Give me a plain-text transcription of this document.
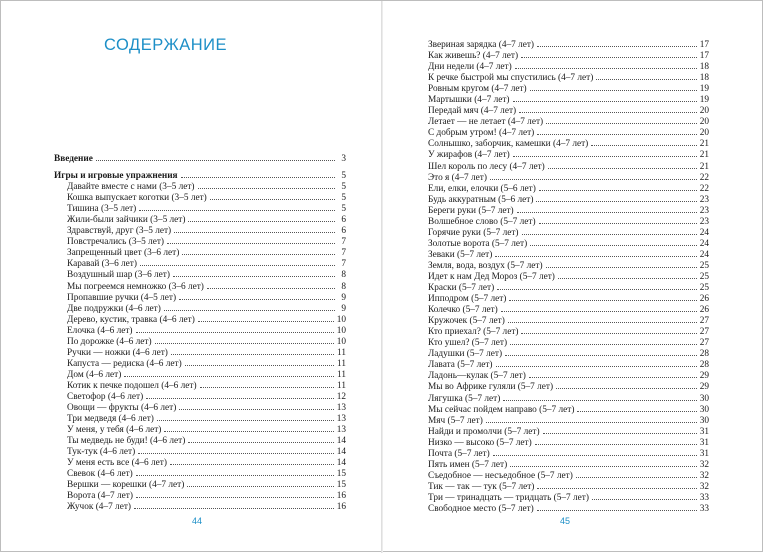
СОДЕРЖАНИЕ
Введение	3
Игры и игровые упражнения	5
Давайте вместе с нами (3–5 лет)	5
Кошка выпускает коготки (3–5 лет)	5
Тишина (3–5 лет)	5
Жили-были зайчики (3–5 лет)	6
Здравствуй, друг (3–5 лет)	6
Повстречались (3–5 лет)	7
Запрещенный цвет (3–6 лет)	7
Каравай (3–6 лет)	7
Воздушный шар (3–6 лет)	8
Мы погреемся немножко (3–6 лет)	8
Пропавшие ручки (4–5 лет)	9
Две подружки (4–6 лет)	9
Дерево, кустик, травка (4–6 лет)	10
Елочка (4–6 лет)	10
По дорожке (4–6 лет)	10
Ручки — ножки (4–6 лет)	11
Капуста — редиска (4–6 лет)	11
Дом (4–6 лет)	11
Котик к печке подошел (4–6 лет)	11
Светофор (4–6 лет)	12
Овощи — фрукты (4–6 лет)	13
Три медведя (4–6 лет)	13
У меня, у тебя (4–6 лет)	13
Ты медведь не буди! (4–6 лет)	14
Тук-тук (4–6 лет)	14
У меня есть все (4–6 лет)	14
Свевок (4–6 лет)	15
Вершки — корешки (4–7 лет)	15
Ворота (4–7 лет)	16
Жучок (4–7 лет)	16
Звериная зарядка (4–7 лет)	17
Как живешь? (4–7 лет)	17
Дни недели (4–7 лет)	18
К речке быстрой мы спустились (4–7 лет)	18
Ровным кругом (4–7 лет)	19
Мартышки (4–7 лет)	19
Передай мяч (4–7 лет)	20
Летает — не летает (4–7 лет)	20
С добрым утром! (4–7 лет)	20
Солнышко, заборчик, камешки (4–7 лет)	21
У жирафов (4–7 лет)	21
Шел король по лесу (4–7 лет)	21
Это я (4–7 лет)	22
Ели, елки, елочки (5–6 лет)	22
Будь аккуратным (5–6 лет)	23
Береги руки (5–7 лет)	23
Волшебное слово (5–7 лет)	23
Горячие руки (5–7 лет)	24
Золотые ворота (5–7 лет)	24
Зеваки (5–7 лет)	24
Земля, вода, воздух (5–7 лет)	25
Идет к нам Дед Мороз (5–7 лет)	25
Краски (5–7 лет)	25
Ипподром (5–7 лет)	26
Колечко (5–7 лет)	26
Кружочек (5–7 лет)	27
Кто приехал? (5–7 лет)	27
Кто ушел? (5–7 лет)	27
Ладушки (5–7 лет)	28
Лавата (5–7 лет)	28
Ладонь—кулак (5–7 лет)	29
Мы во Африке гуляли (5–7 лет)	29
Лягушка (5–7 лет)	30
Мы сейчас пойдем направо (5–7 лет)	30
Мяч (5–7 лет)	30
Найди и промолчи (5–7 лет)	31
Низко — высоко (5–7 лет)	31
Почта (5–7 лет)	31
Пять имен (5–7 лет)	32
Съедобное — несъедобное (5–7 лет)	32
Тик — так — тук (5–7 лет)	32
Три — тринадцать — тридцать (5–7 лет)	33
Свободное место (5–7 лет)	33
44	45
